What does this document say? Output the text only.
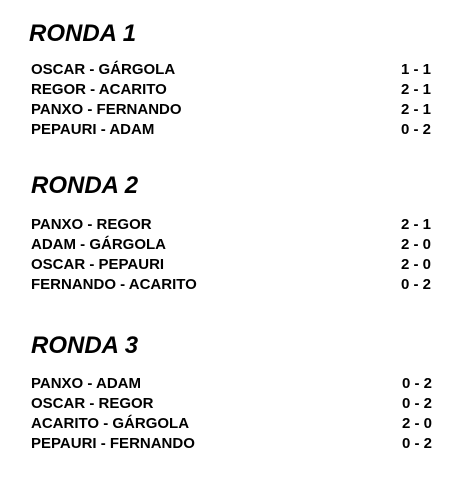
RONDA 1
OSCAR - GÁRGOLA	1 - 1
REGOR - ACARITO	2 - 1
PANXO - FERNANDO	2 - 1
PEPAURI - ADAM	0 - 2
RONDA 2
PANXO - REGOR	2 - 1
ADAM - GÁRGOLA	2 - 0
OSCAR - PEPAURI	2 - 0
FERNANDO - ACARITO	0 - 2
RONDA 3
PANXO - ADAM	0 - 2
OSCAR - REGOR	0 - 2
ACARITO - GÁRGOLA	2 - 0
PEPAURI - FERNANDO	0 - 2
